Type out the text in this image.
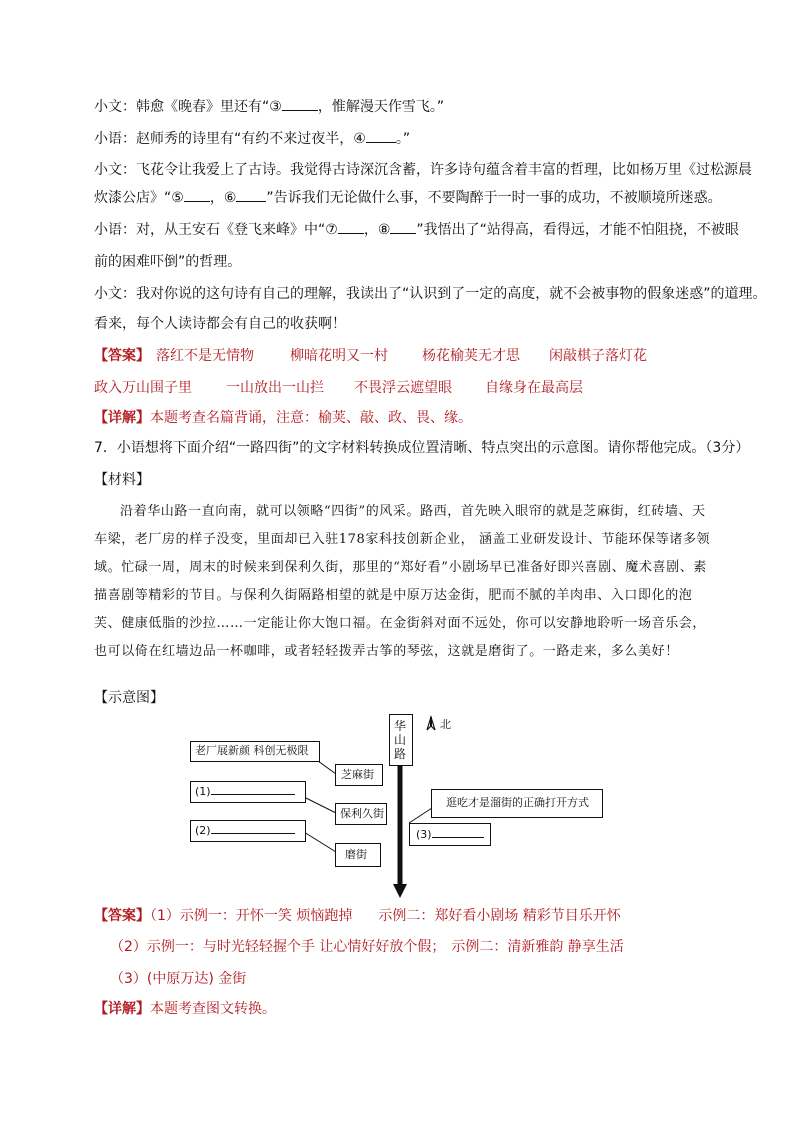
小文：韩愈《晚春》里还有“③	，惟解漫天作雪飞。”
小语：赵师秀的诗里有“有约不来过夜半，④ 。”
小文：飞花令让我爱上了古诗。我觉得古诗深沉含蓄，许多诗句蕴含着丰富的哲理，比如杨万里《过松源晨
炊漆公店》“⑤ ，⑥ ”告诉我们无论做什么事，不要陶醉于一时一事的成功，不被顺境所迷惑。
小语：对，从王安石《登飞来峰》中“⑦ ，⑧ ”我悟出了“站得高，看得远，才能不怕阻挠，不被眼
前的困难吓倒”的哲理。
小文：我对你说的这句诗有自己的理解，我读出了“认识到了一定的高度，就不会被事物的假象迷惑”的道理。
看来，每个人读诗都会有自己的收获啊！
【答案】 落红不是无情物	柳暗花明又一村 杨花榆荚无才思 闲敲棋子落灯花
政入万山围子里 一山放出一山拦 不畏浮云遮望眼 自缘身在最高层
【详解】本题考查名篇背诵，注意：榆荚、敲、政、畏、缘。
7．小语想将下面介绍“一路四街”的文字材料转换成位置清晰、特点突出的示意图。请你帮他完成。（3分）
【材料】
沿着华山路一直向南，就可以领略“四街”的风采。路西，首先映入眼帘的就是芝麻街，红砖墙、天车梁，老厂房的样子没变，里面却已入驻178家科技创新企业， 涵盖工业研发设计、节能环保等诸多领域。忙碌一周，周末的时候来到保利久街，那里的“郑好看”小剧场早已准备好即兴喜剧、魔术喜剧、素描喜剧等精彩的节目。与保利久街隔路相望的就是中原万达金街，肥而不腻的羊肉串、入口即化的泡芙、健康低脂的沙拉……一定能让你大饱口福。在金街斜对面不远处，你可以安静地聆听一场音乐会，也可以倚在红墙边品一杯咖啡，或者轻轻拨弄古筝的琴弦，这就是磨街了。一路走来，多么美好！
【示意图】
华山路
北
老厂展新颜 科创无极限
芝麻街
(1)
保利久街
(2)
磨街
逛吃才是溜街的正确打开方式
(3)
【答案】（1）示例一：开怀一笑 烦恼跑掉 示例二：郑好看小剧场 精彩节目乐开怀
（2）示例一：与时光轻轻握个手 让心情好好放个假； 示例二：清新雅韵 静享生活
（3）(中原万达) 金街
【详解】本题考查图文转换。
